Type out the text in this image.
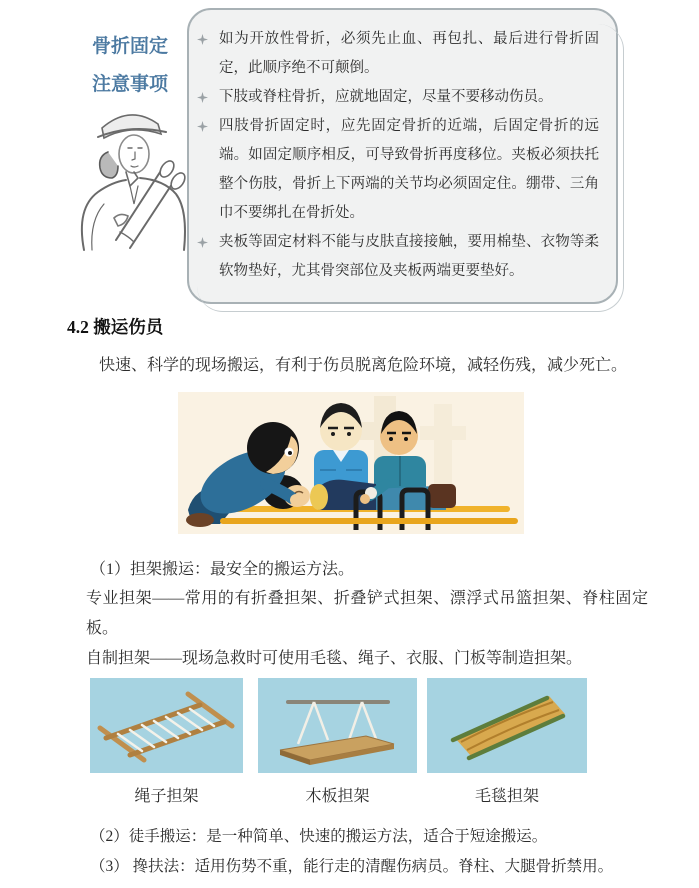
如为开放性骨折，必须先止血、再包扎、最后进行骨折固定，此顺序绝不可颠倒。
下肢或脊柱骨折，应就地固定，尽量不要移动伤员。
四肢骨折固定时，应先固定骨折的近端，后固定骨折的远端。如固定顺序相反，可导致骨折再度移位。夹板必须扶托整个伤肢，骨折上下两端的关节均必须固定住。绷带、三角巾不要绑扎在骨折处。
夹板等固定材料不能与皮肤直接接触，要用棉垫、衣物等柔软物垫好，尤其骨突部位及夹板两端更要垫好。
骨折固定
注意事项
4.2 搬运伤员

快速、科学的现场搬运，有利于伤员脱离危险环境，减轻伤残，减少死亡。

（1）担架搬运：最安全的搬运方法。

专业担架——常用的有折叠担架、折叠铲式担架、漂浮式吊篮担架、脊柱固定板。
自制担架——现场急救时可使用毛毯、绳子、衣服、门板等制造担架。

绳子担架	木板担架	毛毯担架

（2）徒手搬运：是一种简单、快速的搬运方法，适合于短途搬运。

（3） 搀扶法：适用伤势不重，能行走的清醒伤病员。脊柱、大腿骨折禁用。
